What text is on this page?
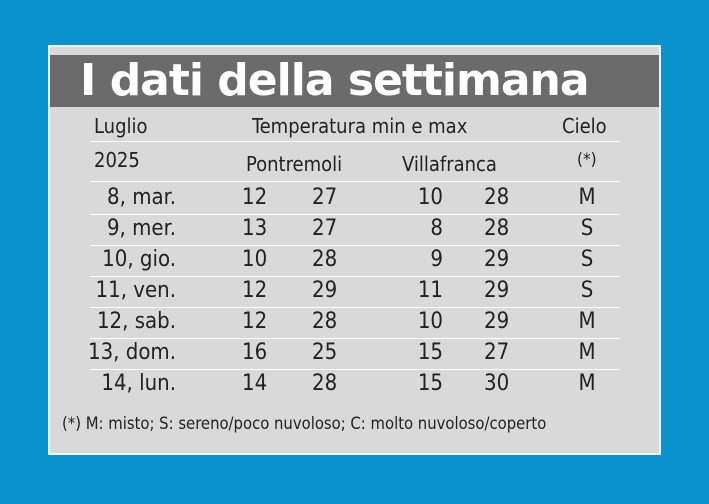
I dati della settimana
Luglio	Temperatura min e max	Cielo
2025	Pontremoli	Villafranca	(*)
8, mar.	12	27	10 28	M
9, mer.	13	27	8 28	S
10, gio.	10	28	9 29	S
11, ven.	12	29	11 29	S
12, sab.	12	28	10 29	M
13, dom.	16	25	15 27	M
14, lun.	14	28	15 30	M
(*) M: misto; S: sereno/poco nuvoloso; C: molto nuvoloso/coperto
